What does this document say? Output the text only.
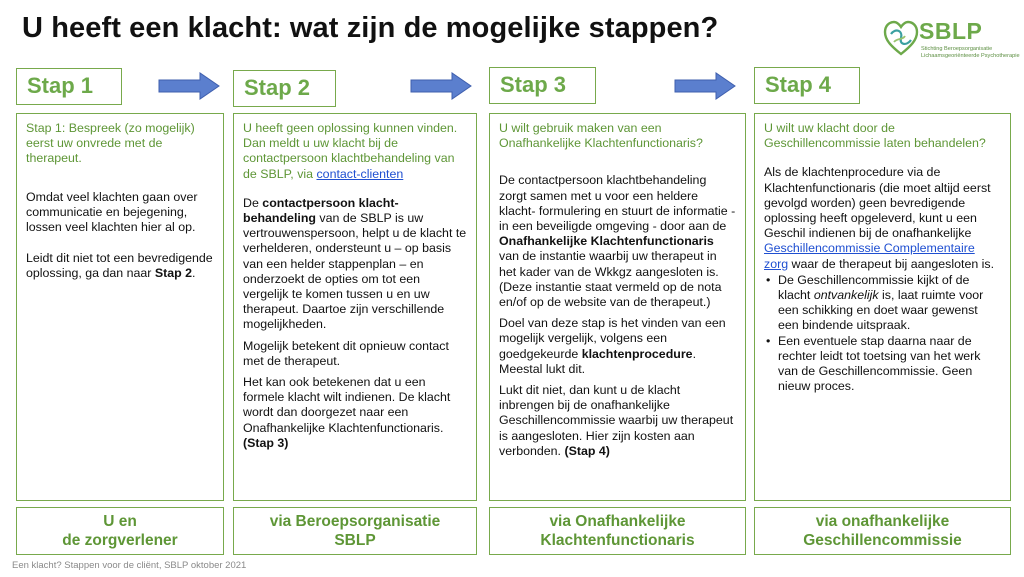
U heeft een klacht: wat zijn de mogelijke stappen?	SBLP
Stichting Beroepsorganisatie
Lichaamsgeoriënteerde Psychotherapie
Stap 1	Stap 2	Stap 3	Stap 4

Stap 1: Bespreek (zo mogelijk) eerst uw onvrede met de therapeut.

Omdat veel klachten gaan over communicatie en bejegening, lossen veel klachten hier al op.

Leidt dit niet tot een bevredigende oplossing, ga dan naar Stap 2.

U heeft geen oplossing kunnen vinden. Dan meldt u uw klacht bij de contactpersoon klachtbehandeling van de SBLP, via contact-clienten

De contactpersoon klacht-behandeling van de SBLP is uw vertrouwenspersoon, helpt u de klacht te verhelderen, ondersteunt u – op basis van een helder stappenplan – en onderzoekt de opties om tot een vergelijk te komen tussen u en uw therapeut. Daartoe zijn verschillende mogelijkheden.

Mogelijk betekent dit opnieuw contact met de therapeut.

Het kan ook betekenen dat u een formele klacht wilt indienen. De klacht wordt dan doorgezet naar een Onafhankelijke Klachtenfunctionaris.(Stap 3)

U wilt gebruik maken van een Onafhankelijke Klachtenfunctionaris?

De contactpersoon klachtbehandeling zorgt samen met u voor een heldere klacht- formulering en stuurt de informatie - in een beveiligde omgeving - door aan de Onafhankelijke Klachtenfunctionaris van de instantie waarbij uw therapeut in het kader van de Wkkgz aangesloten is. (Deze instantie staat vermeld op de nota en/of op de website van de therapeut.)

Doel van deze stap is het vinden van een mogelijk vergelijk, volgens een goedgekeurde klachtenprocedure. Meestal lukt dit.

Lukt dit niet, dan kunt u de klacht inbrengen bij de onafhankelijke Geschillencommissie waarbij uw therapeut is aangesloten. Hier zijn kosten aan verbonden. (Stap 4)

U wilt uw klacht door de Geschillencommissie laten behandelen?

Als de klachtenprocedure via de Klachtenfunctionaris (die moet altijd eerst gevolgd worden) geen bevredigende oplossing heeft opgeleverd, kunt u een Geschil indienen bij de onafhankelijke Geschillencommissie Complementaire zorg waar de therapeut bij aangesloten is.

• De Geschillencommissie kijkt of de klacht ontvankelijk is, laat ruimte voor een schikking en doet waar gewenst een bindende uitspraak.
• Een eventuele stap daarna naar de rechter leidt tot toetsing van het werk van de Geschillencommissie. Geen nieuw proces.
U en
de zorgverlener
via Beroepsorganisatie
SBLP
via Onafhankelijke
Klachtenfunctionaris
via onafhankelijke
Geschillencommissie
Een klacht? Stappen voor de cliënt, SBLP oktober 2021
